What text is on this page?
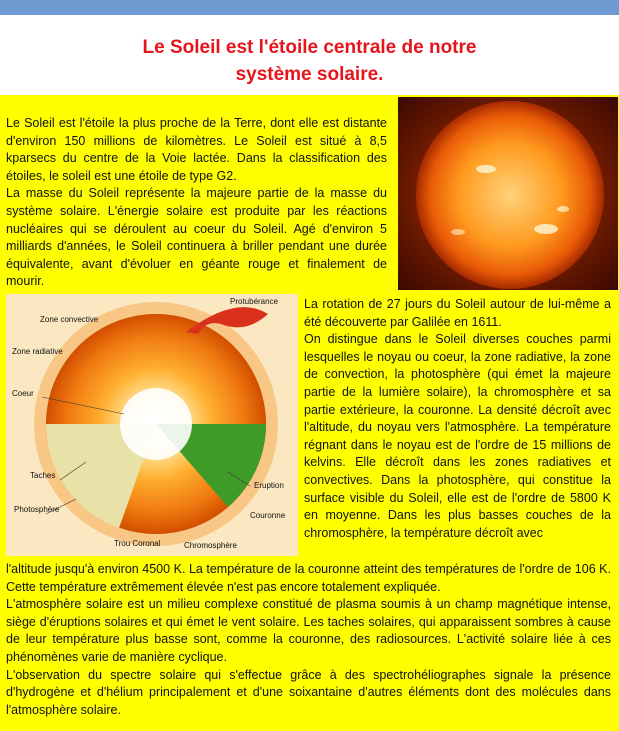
Le Soleil est l'étoile centrale de notre
système solaire.
Protubérance
Zone convective
Zone radiative
Coeur
Taches
Photosphère
Trou Coronal	Chromosphère
Couronne
Eruption

Le Soleil est l'étoile la plus proche de la Terre, dont elle est distante d'environ 150 millions de kilomètres. Le Soleil est situé à 8,5 kparsecs du centre de la Voie lactée. Dans la classification des étoiles, le soleil est une étoile de type G2.

La masse du Soleil représente la majeure partie de la masse du système solaire. L'énergie solaire est produite par les réactions nucléaires qui se déroulent au coeur du Soleil. Agé d'environ 5 milliards d'années, le Soleil continuera à briller pendant une durée équivalente, avant d'évoluer en géante rouge et finalement de mourir.

La rotation de 27 jours du Soleil autour de lui-même a été découverte par Galilée en 1611.

On distingue dans le Soleil diverses couches parmi lesquelles le noyau ou coeur, la zone radiative, la zone de convection, la photosphère (qui émet la majeure partie de la lumière solaire), la chromosphère et sa partie extérieure, la couronne. La densité décroît avec l'altitude, du noyau vers l'atmosphère. La température régnant dans le noyau est de l'ordre de 15 millions de kelvins. Elle décroît dans les zones radiatives et convectives. Dans la photosphère, qui constitue la surface visible du Soleil, elle est de l'ordre de 5800 K en moyenne. Dans les plus basses couches de la chromosphère, la température décroît avec

l'altitude jusqu'à environ 4500 K. La température de la couronne atteint des températures de l'ordre de 106 K. Cette température extrêmement élevée n'est pas encore totalement expliquée.

L'atmosphère solaire est un milieu complexe constitué de plasma soumis à un champ magnétique intense, siège d'éruptions solaires et qui émet le vent solaire. Les taches solaires, qui apparaissent sombres à cause de leur température plus basse sont, comme la couronne, des radiosources. L'activité solaire liée à ces phénomènes varie de manière cyclique.

L'observation du spectre solaire qui s'effectue grâce à des spectrohéliographes signale la présence d'hydrogène et d'hélium principalement et d'une soixantaine d'autres éléments dont des molécules dans l'atmosphère solaire.
